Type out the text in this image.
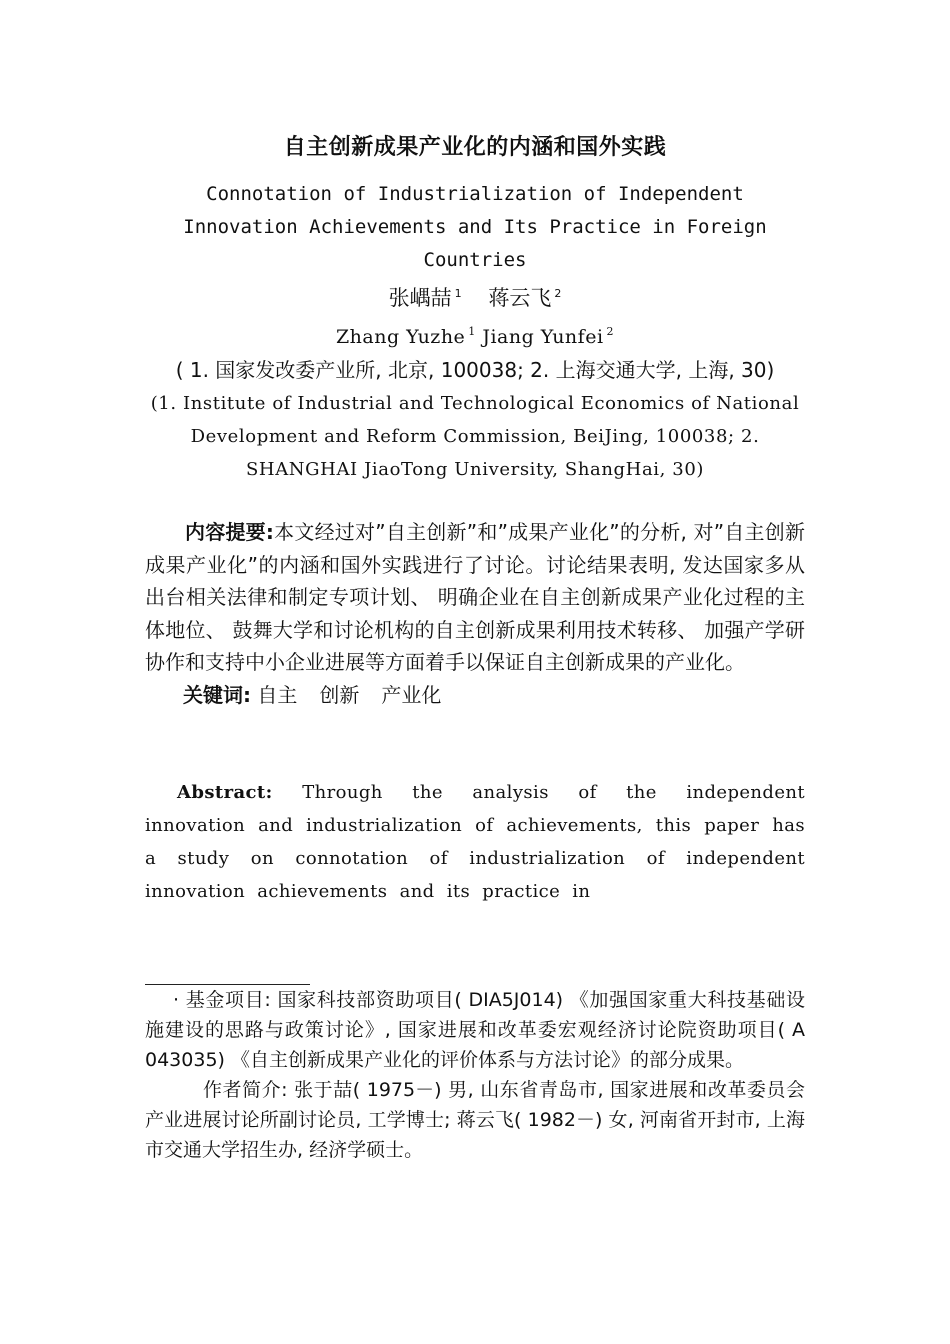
自主创新成果产业化的内涵和国外实践

Connotation of Industrialization of Independent Innovation Achievements and Its Practice in Foreign Countries

张嵎喆 $^1$ 蒋云飞 $^2$

Zhang Yuzhe $^1$ Jiang Yunfei $^2$

( 1. 国家发改委产业所, 北京, 100038; 2. 上海交通大学, 上海, 30)

(1. Institute of Industrial and Technological Economics of National Development and Reform Commission, BeiJing, 100038; 2. SHANGHAI JiaoTong University, ShangHai, 30)

内容提要:本文经过对”自主创新”和”成果产业化”的分析, 对”自主创新成果产业化”的内涵和国外实践进行了讨论。讨论结果表明, 发达国家多从出台相关法律和制定专项计划、 明确企业在自主创新成果产业化过程的主体地位、 鼓舞大学和讨论机构的自主创新成果利用技术转移、 加强产学研协作和支持中小企业进展等方面着手以保证自主创新成果的产业化。

关键词: 自主 创新 产业化

Abstract: Through the analysis of the independent innovation and industrialization of achievements, this paper has a study on connotation of industrialization of independent innovation achievements and its practice in

· 基金项目: 国家科技部资助项目( DIA5J014) 《加强国家重大科技基础设施建设的思路与政策讨论》, 国家进展和改革委宏观经济讨论院资助项目( A 043035) 《自主创新成果产业化的评价体系与方法讨论》的部分成果。

作者简介: 张于喆( 1975－) 男, 山东省青岛市, 国家进展和改革委员会产业进展讨论所副讨论员, 工学博士; 蒋云飞( 1982－) 女, 河南省开封市, 上海市交通大学招生办, 经济学硕士。
